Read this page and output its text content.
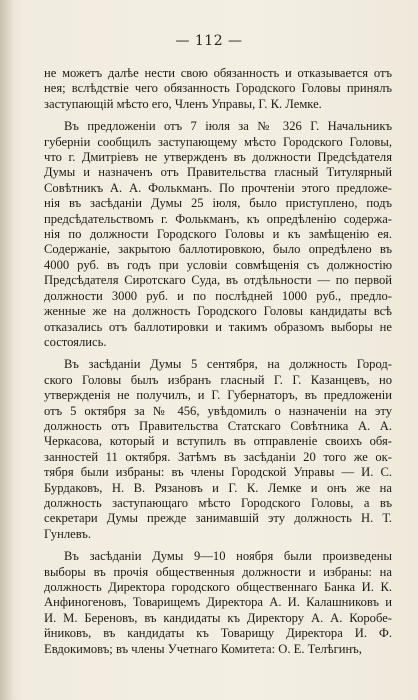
— 112 —

не можетъ далѣе нести свою обязанность и отказывается отъ
нея; вслѣдствіе чего обязанность Городского Головы принялъ
заступающій мѣсто его, Членъ Управы, Г. К. Лемке.

Въ предложеніи отъ 7 іюля за № 326 Г. Начальникъ
губерніи сообщилъ заступающему мѣсто Городского Головы,
что г. Дмитріевъ не утвержденъ въ должности Предсѣдателя
Думы и назначенъ отъ Правительства гласный Титулярный
Совѣтникъ А. А. Фолькманъ. По прочтеніи этого предложе-
нія въ засѣданіи Думы 25 іюля, было приступлено, подъ
предсѣдательствомъ г. Фолькманъ, къ опредѣленію содержа-
нія по должности Городского Головы и къ замѣщенію ея.
Содержаніе, закрытою баллотировкою, было опредѣлено въ
4000 руб. въ годъ при условіи совмѣщенія съ должностію
Предсѣдателя Сиротскаго Суда, въ отдѣльности — по первой
должности 3000 руб. и по послѣдней 1000 руб., предло-
женные же на должность Городского Головы кандидаты всѣ
отказались отъ баллотировки и такимъ образомъ выборы не
состоялись.

Въ засѣданіи Думы 5 сентября, на должность Город-
ского Головы былъ избранъ гласный Г. Г. Казанцевъ, но
утвержденія не получилъ, и Г. Губернаторъ, въ предложеніи
отъ 5 октября за № 456, увѣдомилъ о назначеніи на эту
должность отъ Правительства Статскаго Совѣтника А. А.
Черкасова, который и вступилъ въ отправленіе своихъ обя-
занностей 11 октября. Затѣмъ въ засѣданіи 20 того же ок-
тября были избраны: въ члены Городской Управы — И. С.
Бурдаковъ, Н. В. Рязановъ и Г. К. Лемке и онъ же на
должность заступающаго мѣсто Городского Головы, а въ
секретари Думы прежде занимавшій эту должность Н. Т.
Гунлевъ.

Въ засѣданіи Думы 9—10 ноября были произведены
выборы въ прочія общественныя должности и избраны: на
должность Директора городского общественнаго Банка И. К.
Анфиногеновъ, Товарищемъ Директора А. И. Калашниковъ и
И. М. Береновъ, въ кандидаты къ Директору А. А. Коробе-
йниковъ, въ кандидаты къ Товарищу Директора И. Ф.
Евдокимовъ; въ члены Учетнаго Комитета: О. Е. Телѣгинъ,
